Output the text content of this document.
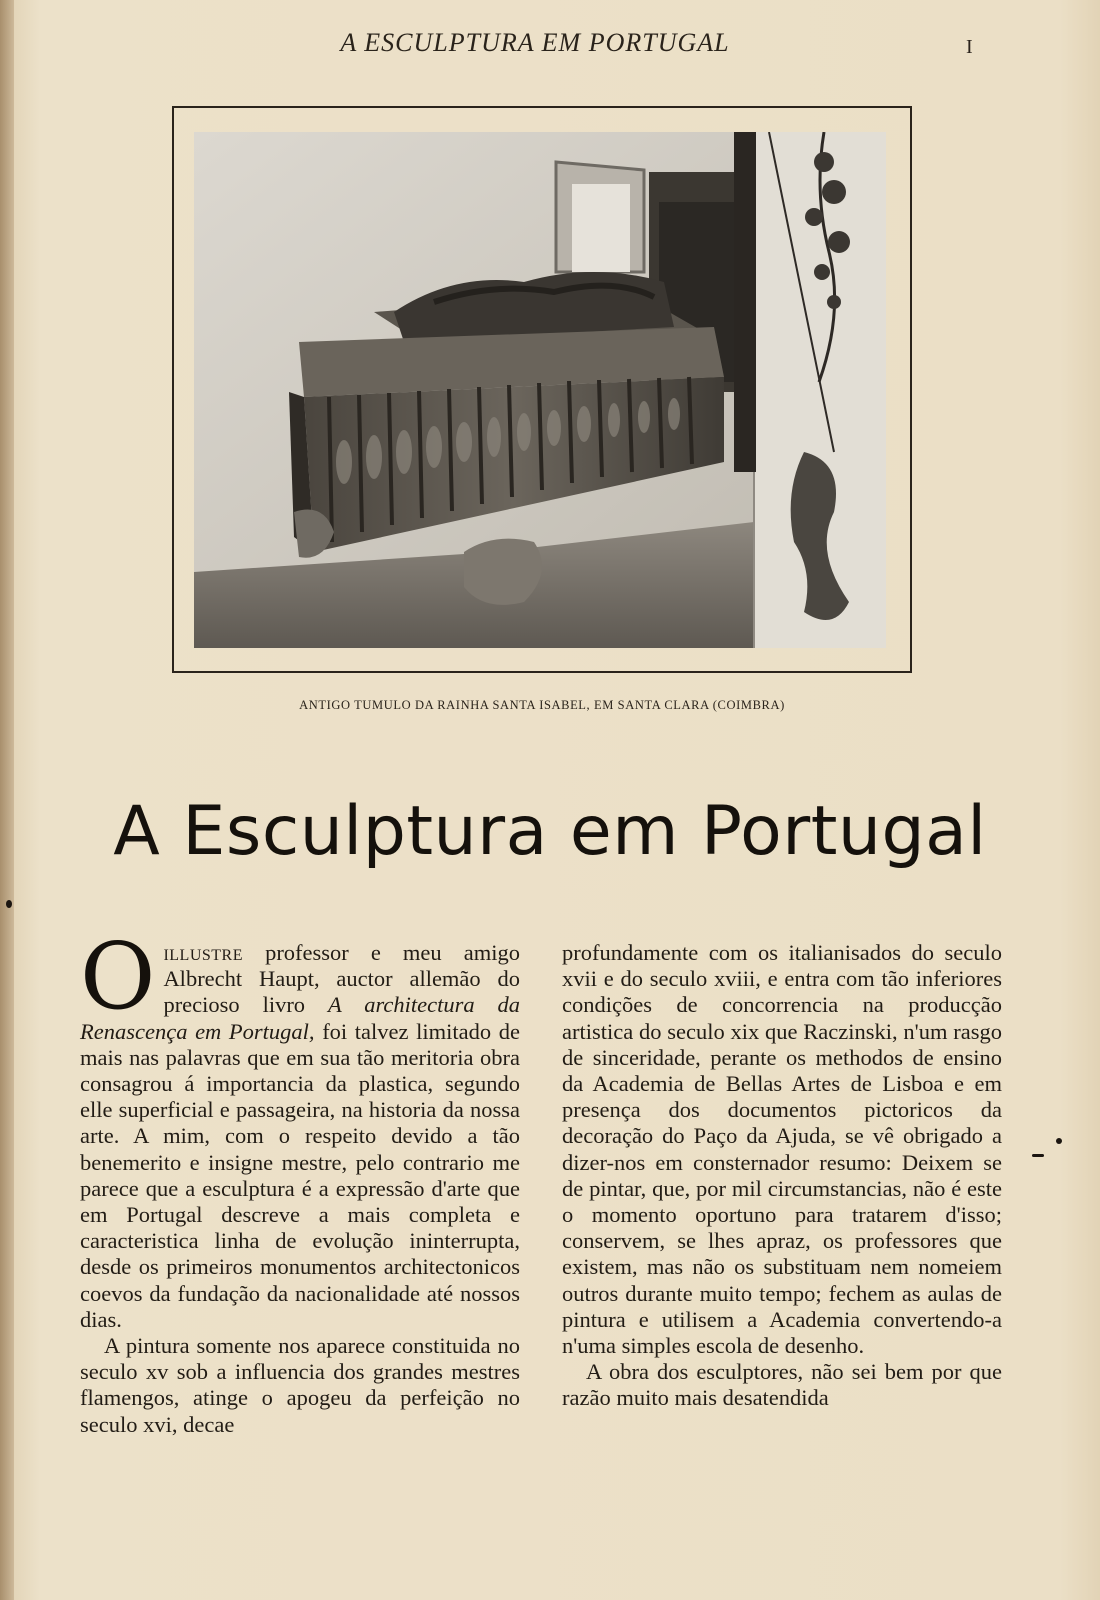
A ESCULPTURA EM PORTUGAL	I
ANTIGO TUMULO DA RAINHA SANTA ISABEL, EM SANTA CLARA (COIMBRA)
A Esculptura em Portugal

Oillustre professor e meu amigo Albrecht Haupt, auctor allemão do precioso livro A architectura da Renascença em Portugal, foi talvez limitado de mais nas palavras que em sua tão meritoria obra consagrou á importancia da plastica, segundo elle superficial e passageira, na historia da nossa arte. A mim, com o respeito devido a tão benemerito e insigne mestre, pelo contrario me parece que a esculptura é a expressão d'arte que em Portugal descreve a mais completa e caracteristica linha de evolução ininterrupta, desde os primeiros monumentos architectonicos coevos da fundação da nacionalidade até nossos dias.

A pintura somente nos aparece constituida no seculo xv sob a influencia dos grandes mestres flamengos, atinge o apogeu da perfeição no seculo xvi, decae

profundamente com os italianisados do seculo xvii e do seculo xviii, e entra com tão inferiores condições de concorrencia na producção artistica do seculo xix que Raczinski, n'um rasgo de sinceridade, perante os methodos de ensino da Academia de Bellas Artes de Lisboa e em presença dos documentos pictoricos da decoração do Paço da Ajuda, se vê obrigado a dizer-nos em consternador resumo: Deixem se de pintar, que, por mil circumstancias, não é este o momento oportuno para tratarem d'isso; conservem, se lhes apraz, os professores que existem, mas não os substituam nem nomeiem outros durante muito tempo; fechem as aulas de pintura e utilisem a Academia convertendo-a n'uma simples escola de desenho.

A obra dos esculptores, não sei bem por que razão muito mais desatendida
